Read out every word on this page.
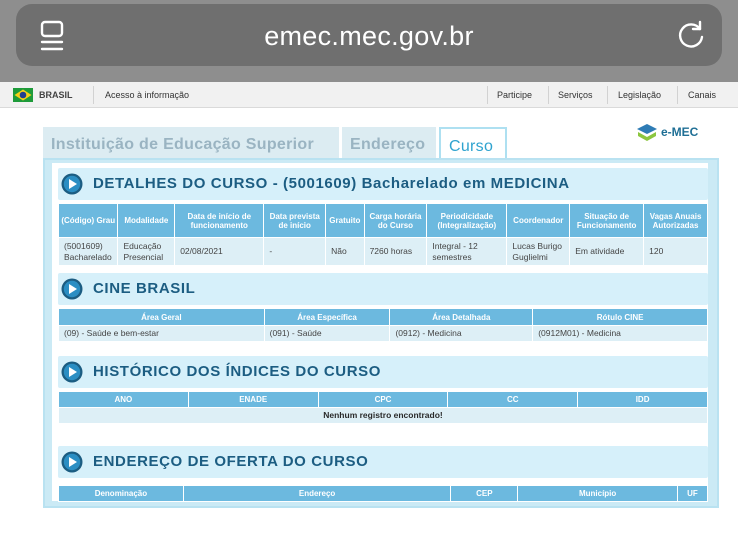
emec.mec.gov.br
BRASIL	Acesso à informação	Participe	Serviços	Legislação	Canais
Instituição de Educação Superior	Endereço	Curso
e-MEC
DETALHES DO CURSO - (5001609) Bacharelado em MEDICINA
(Código) Grau	Modalidade	Data de início de funcionamento	Data prevista de início	Gratuito	Carga horária do Curso	Periodicidade (Integralização)	Coordenador	Situação de Funcionamento	Vagas Anuais Autorizadas
(5001609) Bacharelado	Educação Presencial	02/08/2021	-	Não	7260 horas	Integral - 12 semestres	Lucas Burigo Guglielmi	Em atividade	120
CINE BRASIL
Área Geral	Área Específica	Área Detalhada	Rótulo CINE
(09) - Saúde e bem-estar	(091) - Saúde	(0912) - Medicina	(0912M01) - Medicina
HISTÓRICO DOS ÍNDICES DO CURSO
ANO	ENADE	CPC	CC	IDD
Nenhum registro encontrado!
ENDEREÇO DE OFERTA DO CURSO
Denominação	Endereço	CEP	Município	UF
